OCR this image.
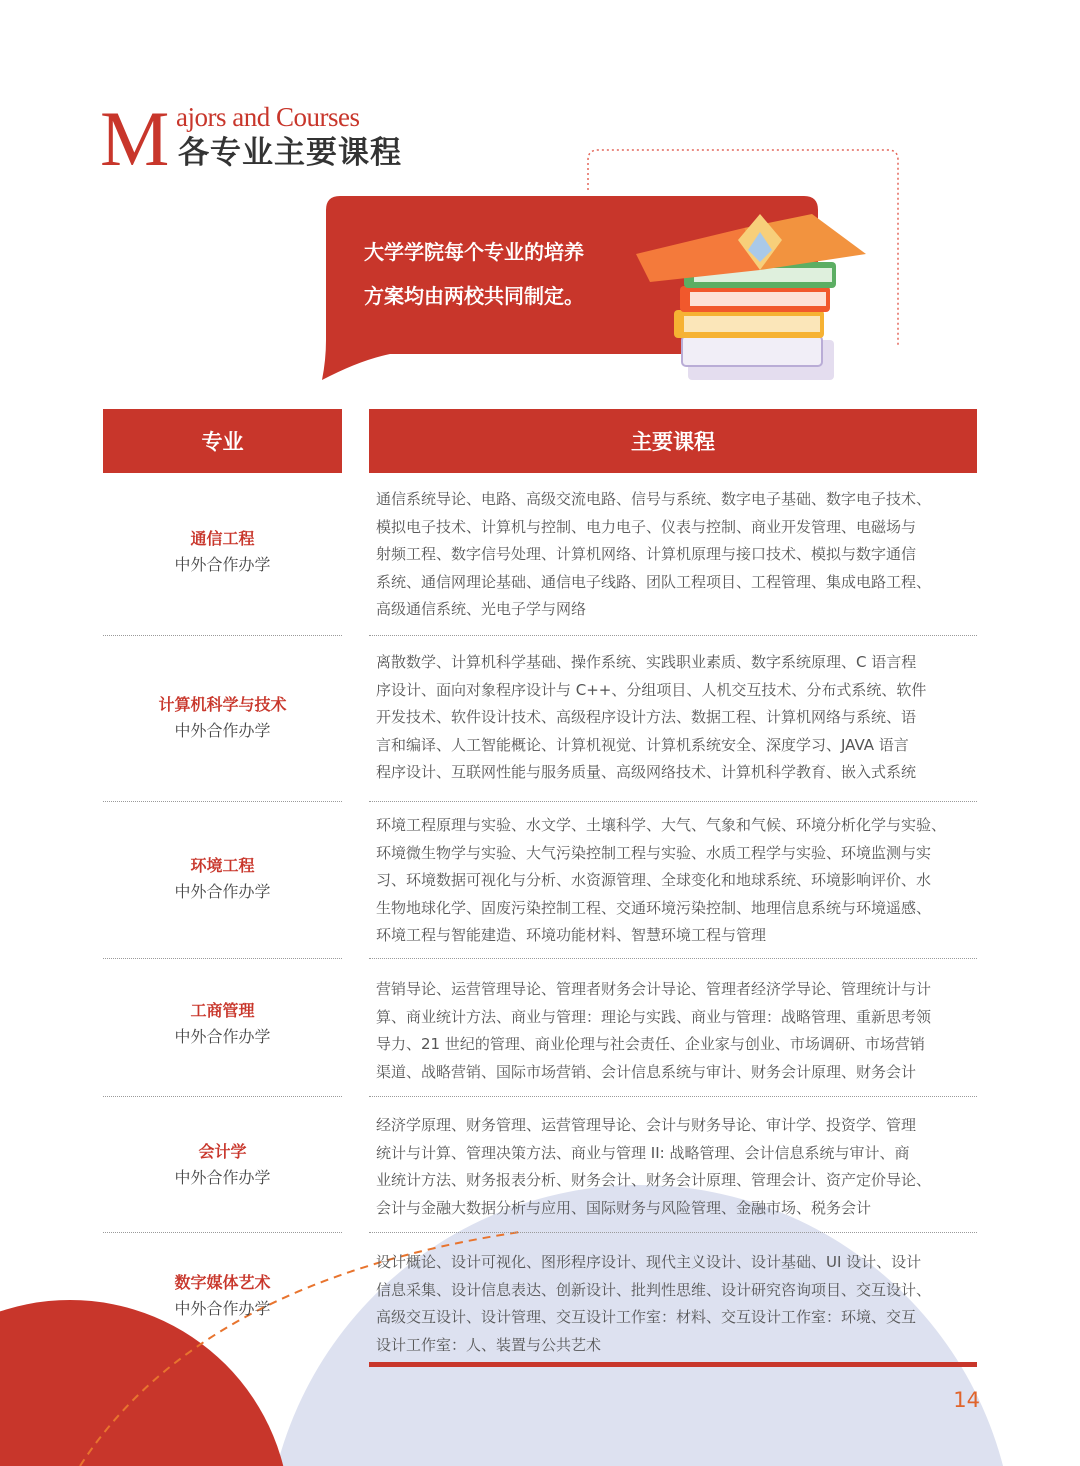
M ajors and Courses
各专业主要课程
大学学院每个专业的培养
方案均由两校共同制定。
专业	主要课程
通信工程
中外合作办学
通信系统导论、电路、高级交流电路、信号与系统、数字电子基础、数字电子技术、
模拟电子技术、计算机与控制、电力电子、仪表与控制、商业开发管理、电磁场与
射频工程、数字信号处理、计算机网络、计算机原理与接口技术、模拟与数字通信
系统、通信网理论基础、通信电子线路、团队工程项目、工程管理、集成电路工程、
高级通信系统、光电子学与网络
计算机科学与技术
中外合作办学
离散数学、计算机科学基础、操作系统、实践职业素质、数字系统原理、C 语言程
序设计、面向对象程序设计与 C++、分组项目、人机交互技术、分布式系统、软件
开发技术、软件设计技术、高级程序设计方法、数据工程、计算机网络与系统、语
言和编译、人工智能概论、计算机视觉、计算机系统安全、深度学习、JAVA 语言
程序设计、互联网性能与服务质量、高级网络技术、计算机科学教育、嵌入式系统
环境工程
中外合作办学
环境工程原理与实验、水文学、土壤科学、大气、气象和气候、环境分析化学与实验、
环境微生物学与实验、大气污染控制工程与实验、水质工程学与实验、环境监测与实
习、环境数据可视化与分析、水资源管理、全球变化和地球系统、环境影响评价、水
生物地球化学、固废污染控制工程、交通环境污染控制、地理信息系统与环境遥感、
环境工程与智能建造、环境功能材料、智慧环境工程与管理
工商管理
中外合作办学
营销导论、运营管理导论、管理者财务会计导论、管理者经济学导论、管理统计与计
算、商业统计方法、商业与管理：理论与实践、商业与管理：战略管理、重新思考领
导力、21 世纪的管理、商业伦理与社会责任、企业家与创业、市场调研、市场营销
渠道、战略营销、国际市场营销、会计信息系统与审计、财务会计原理、财务会计
会计学
中外合作办学
经济学原理、财务管理、运营管理导论、会计与财务导论、审计学、投资学、管理
统计与计算、管理决策方法、商业与管理 II: 战略管理、会计信息系统与审计、商
业统计方法、财务报表分析、财务会计、财务会计原理、管理会计、资产定价导论、
会计与金融大数据分析与应用、国际财务与风险管理、金融市场、税务会计
数字媒体艺术
中外合作办学
设计概论、设计可视化、图形程序设计、现代主义设计、设计基础、UI 设计、设计
信息采集、设计信息表达、创新设计、批判性思维、设计研究咨询项目、交互设计、
高级交互设计、设计管理、交互设计工作室：材料、交互设计工作室：环境、交互
设计工作室：人、装置与公共艺术
14
